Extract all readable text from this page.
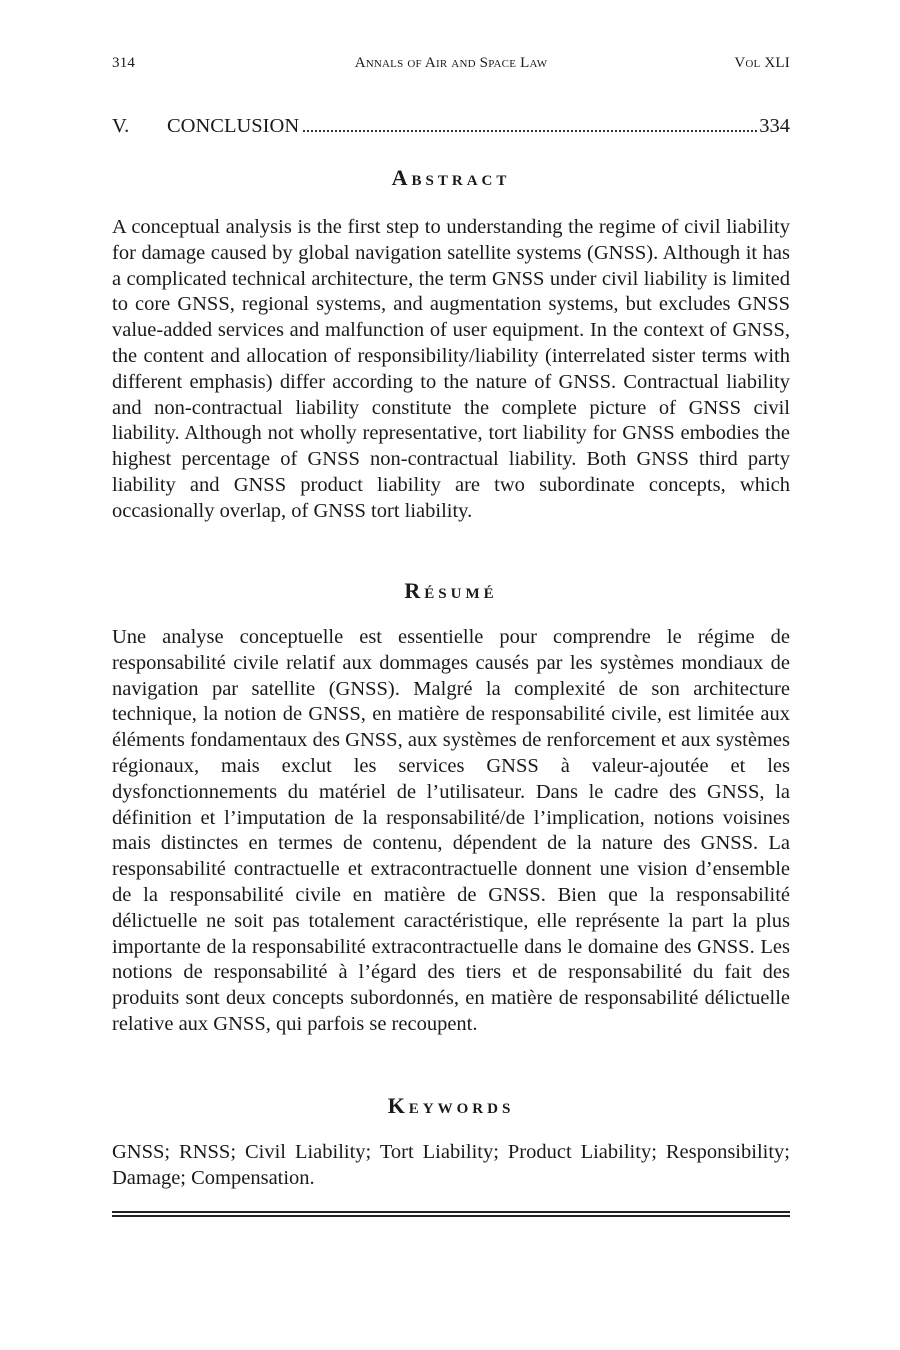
314	Annals of Air and Space Law	Vol XLI
V.	CONCLUSION	334
Abstract

A conceptual analysis is the first step to understanding the regime of civil liability for damage caused by global navigation satellite systems (GNSS). Although it has a complicated technical architecture, the term GNSS under civil liability is limited to core GNSS, regional systems, and augmentation systems, but excludes GNSS value-added services and malfunction of user equipment. In the context of GNSS, the content and allocation of responsibility/liability (interrelated sister terms with different emphasis) differ according to the nature of GNSS. Contractual liability and non-contractual liability constitute the complete picture of GNSS civil liability. Although not wholly representative, tort liability for GNSS embodies the highest percentage of GNSS non-contractual liability. Both GNSS third party liability and GNSS product liability are two subordinate concepts, which occasionally overlap, of GNSS tort liability.

Résumé

Une analyse conceptuelle est essentielle pour comprendre le régime de responsabilité civile relatif aux dommages causés par les systèmes mondiaux de navigation par satellite (GNSS). Malgré la complexité de son architecture technique, la notion de GNSS, en matière de responsabilité civile, est limitée aux éléments fondamentaux des GNSS, aux systèmes de renforcement et aux systèmes régionaux, mais exclut les services GNSS à valeur-ajoutée et les dysfonctionnements du matériel de l’utilisateur. Dans le cadre des GNSS, la définition et l’imputation de la responsabilité/de l’implication, notions voisines mais distinctes en termes de contenu, dépendent de la nature des GNSS. La responsabilité contractuelle et extracontractuelle donnent une vision d’ensemble de la responsabilité civile en matière de GNSS. Bien que la responsabilité délictuelle ne soit pas totalement caractéristique, elle représente la part la plus importante de la responsabilité extracontractuelle dans le domaine des GNSS. Les notions de responsabilité à l’égard des tiers et de responsabilité du fait des produits sont deux concepts subordonnés, en matière de responsabilité délictuelle relative aux GNSS, qui parfois se recoupent.

Keywords

GNSS; RNSS; Civil Liability; Tort Liability; Product Liability; Responsibility; Damage; Compensation.
